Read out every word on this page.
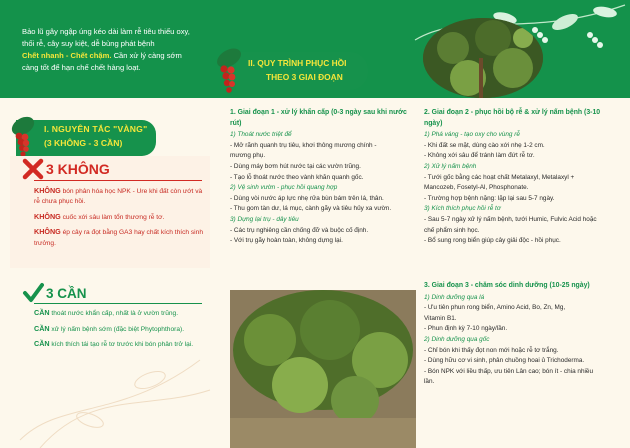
Bảo lũ gây ngập úng kéo dài làm rễ tiêu thiếu oxy,
thối rễ, cây suy kiệt, dễ bùng phát bệnh
Chết nhanh - Chết chậm. Cần xử lý càng sớm
càng tốt để hạn chế chết hàng loạt.
I. NGUYÊN TẮC "VÀNG"
(3 KHÔNG - 3 CẦN)
II. QUY TRÌNH PHỤC HỒI
THEO 3 GIAI ĐOẠN
3 KHÔNG

KHÔNG bón phân hóa học NPK - Ure khi đất còn ướt và rễ chưa phục hồi.

KHÔNG cuốc xới sâu làm tổn thương rễ tơ.

KHÔNG ép cây ra đọt bằng GA3 hay chất kích thích sinh trưởng.

3 CẦN

CẦN thoát nước khẩn cấp, nhất là ở vườn trũng.

CẦN xử lý nấm bệnh sớm (đặc biệt Phytophthora).

CẦN kích thích tái tạo rễ tơ trước khi bón phân trở lại.

1. Giai đoạn 1 - xử lý khẩn cấp (0-3 ngày sau khi nước rút)
1) Thoát nước triệt để
- Mở rãnh quanh trụ tiêu, khơi thông mương chính -
mương phụ.
- Dùng máy bơm hút nước tại các vườn trũng.
- Tạo lỗ thoát nước theo vành khăn quanh gốc.
2) Vệ sinh vườn - phục hồi quang hợp
- Dùng vòi nước áp lực nhẹ rửa bùn bám trên lá, thân.
- Thu gom tàn dư, lá mục, cành gãy và tiêu hủy xa vườn.
3) Dựng lại trụ - dây tiêu
- Các trụ nghiêng cần chống đỡ và buộc cố định.
- Với trụ gãy hoàn toàn, không dựng lại.
2. Giai đoạn 2 - phục hồi bộ rễ & xử lý nấm bệnh (3-10 ngày)
1) Phá váng - tạo oxy cho vùng rễ
- Khi đất se mặt, dùng cào xới nhẹ 1-2 cm.
- Không xới sâu để tránh làm đứt rễ tơ.
2) Xử lý nấm bệnh
- Tưới gốc bằng các hoạt chất Metalaxyl, Metalaxyl +
Mancozeb, Fosetyl-Al, Phosphonate.
- Trường hợp bệnh nặng: lặp lại sau 5-7 ngày.
3) Kích thích phục hồi rễ tơ
- Sau 5-7 ngày xử lý nấm bệnh, tưới Humic, Fulvic Acid hoặc
chế phẩm sinh học.
- Bổ sung rong biển giúp cây giải độc - hồi phục.
3. Giai đoạn 3 - chăm sóc dinh dưỡng (10-25 ngày)
1) Dinh dưỡng qua lá
- Ưu tiên phun rong biển, Amino Acid, Bo, Zn, Mg,
Vitamin B1.
- Phun định kỳ 7-10 ngày/lần.
2) Dinh dưỡng qua gốc
- Chỉ bón khi thấy đọt non mới hoặc rễ tơ trắng.
- Dùng hữu cơ vi sinh, phân chuồng hoai ủ Trichoderma.
- Bón NPK với liều thấp, ưu tiên Lân cao; bón ít - chia nhiều
lần.
